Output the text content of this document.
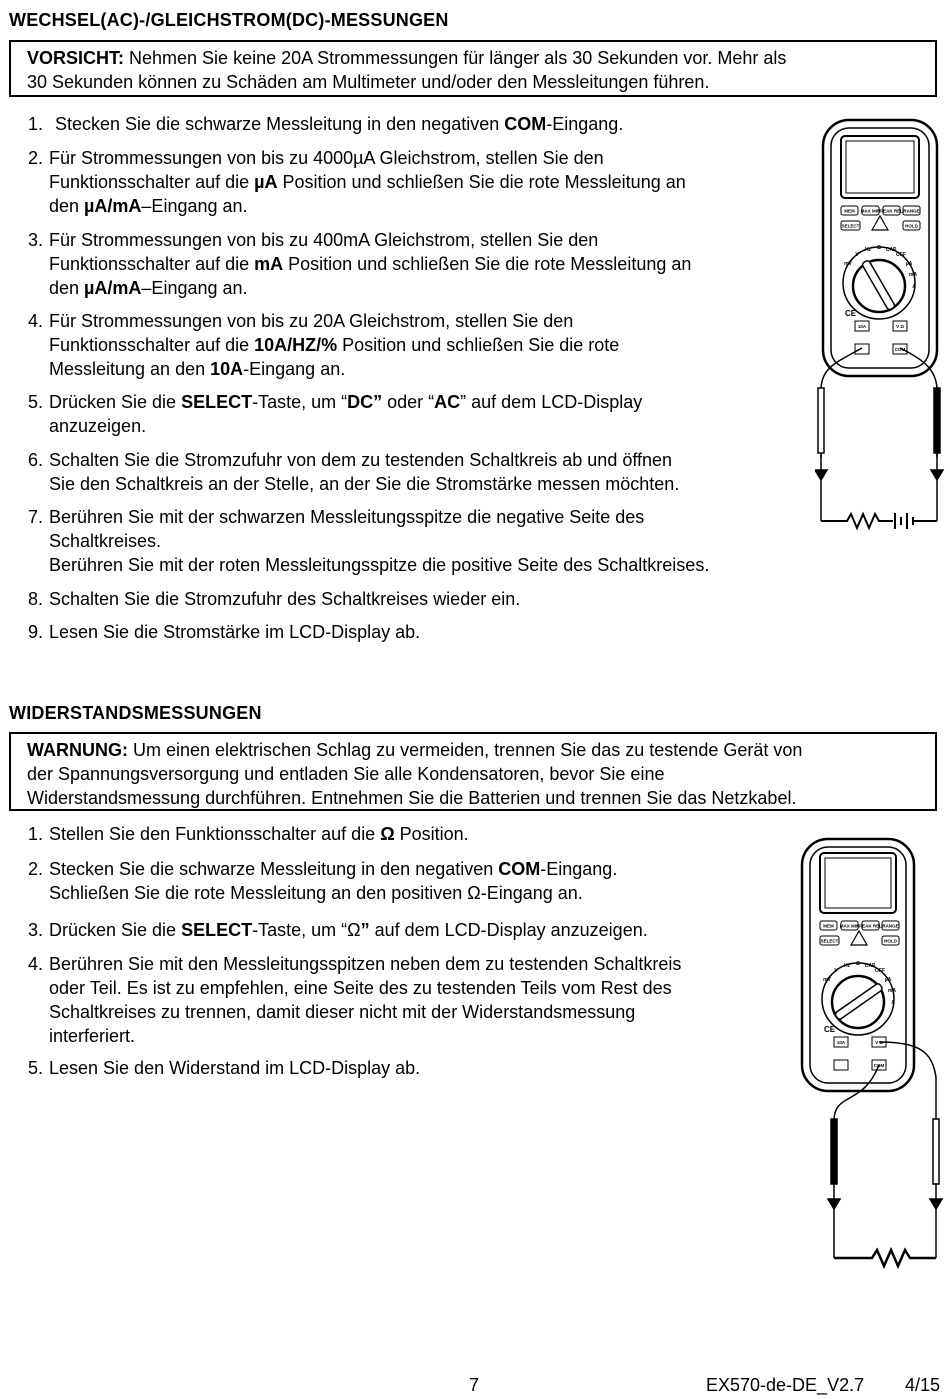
WECHSEL(AC)-/GLEICHSTROM(DC)-MESSUNGEN
VORSICHT: Nehmen Sie keine 20A Strommessungen für länger als 30 Sekunden vor. Mehr als
30 Sekunden können zu Schäden am Multimeter und/oder den Messleitungen führen.
1. Stecken Sie die schwarze Messleitung in den negativen COM-Eingang.
2. Für Strommessungen von bis zu 4000µA Gleichstrom, stellen Sie den
Funktionsschalter auf die µA Position und schließen Sie die rote Messleitung an
den µA/mA–Eingang an.
3. Für Strommessungen von bis zu 400mA Gleichstrom, stellen Sie den
Funktionsschalter auf die mA Position und schließen Sie die rote Messleitung an
den µA/mA–Eingang an.
4. Für Strommessungen von bis zu 20A Gleichstrom, stellen Sie den
Funktionsschalter auf die 10A/HZ/% Position und schließen Sie die rote
Messleitung an den 10A-Eingang an.
5. Drücken Sie die SELECT-Taste, um “DC” oder “AC” auf dem LCD-Display
anzuzeigen.
6. Schalten Sie die Stromzufuhr von dem zu testenden Schaltkreis ab und öffnen
Sie den Schaltkreis an der Stelle, an der Sie die Stromstärke messen möchten.
7. Berühren Sie mit der schwarzen Messleitungsspitze die negative Seite des
Schaltkreises.
Berühren Sie mit der roten Messleitungsspitze die positive Seite des Schaltkreises.
8. Schalten Sie die Stromzufuhr des Schaltkreises wieder ein.
9. Lesen Sie die Stromstärke im LCD-Display ab.
MEM MAX MIN PEAK REL RANGE
SELECT	HOLD
mV
V
Hz Ω CAP
OFF
µA
mA
A
CE
10A	V Ω
COM
WIDERSTANDSMESSUNGEN
WARNUNG: Um einen elektrischen Schlag zu vermeiden, trennen Sie das zu testende Gerät von
der Spannungsversorgung und entladen Sie alle Kondensatoren, bevor Sie eine
Widerstandsmessung durchführen. Entnehmen Sie die Batterien und trennen Sie das Netzkabel.
1. Stellen Sie den Funktionsschalter auf die Ω Position.
2. Stecken Sie die schwarze Messleitung in den negativen COM-Eingang.
Schließen Sie die rote Messleitung an den positiven Ω-Eingang an.
3. Drücken Sie die SELECT-Taste, um “Ω” auf dem LCD-Display anzuzeigen.
4. Berühren Sie mit den Messleitungsspitzen neben dem zu testenden Schaltkreis
oder Teil. Es ist zu empfehlen, eine Seite des zu testenden Teils vom Rest des
Schaltkreises zu trennen, damit dieser nicht mit der Widerstandsmessung
interferiert.
5. Lesen Sie den Widerstand im LCD-Display ab.
MEM MAX MIN PEAK REL RANGE
SELECT	HOLD
mV
V
Hz Ω CAP
OFF
µA
mA
A
CE
10A	V Ω
COM
7	EX570-de-DE_V2.7 4/15
